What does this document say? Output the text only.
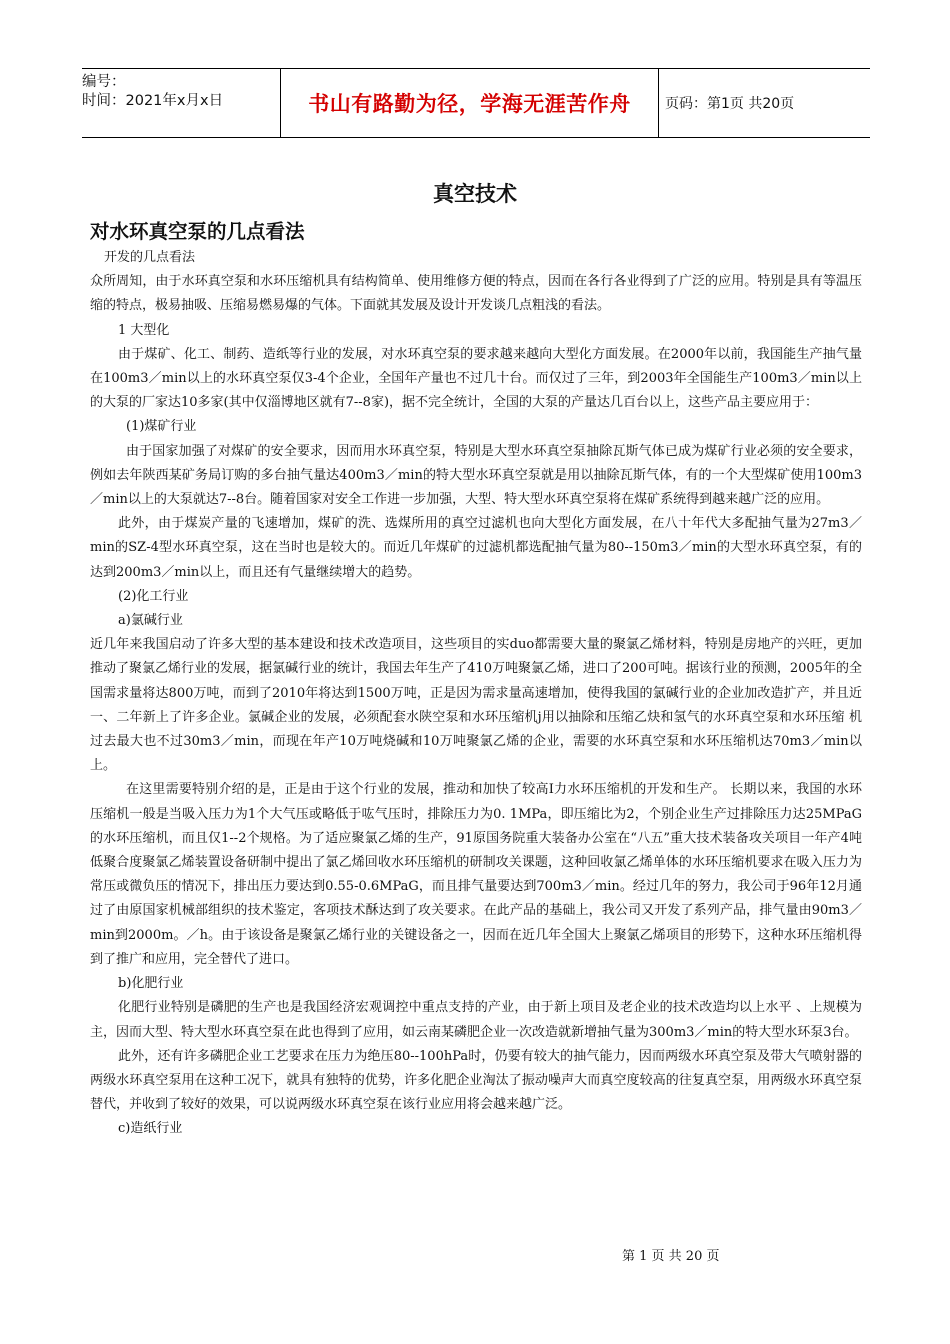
编号：
时间：2021年x月x日	书山有路勤为径，学海无涯苦作舟	页码：第1页 共20页
真空技术
对水环真空泵的几点看法

开发的几点看法

众所周知，由于水环真空泵和水环压缩机具有结构简单、使用维修方便的特点，因而在各行各业得到了广泛的应用。特别是具有等温压缩的特点，极易抽吸、压缩易燃易爆的气体。下面就其发展及设计开发谈几点粗浅的看法。

1 大型化

由于煤矿、化工、制药、造纸等行业的发展，对水环真空泵的要求越来越向大型化方面发展。在2000年以前，我国能生产抽气量在100m3／min以上的水环真空泵仅3-4个企业，全国年产量也不过几十台。而仅过了三年，到2003年全国能生产100m3／min以上的大泵的厂家达10多家(其中仅淄博地区就有7--8家)，据不完全统计，全国的大泵的产量达几百台以上，这些产品主要应用于：

(1)煤矿行业

由于国家加强了对煤矿的安全要求，因而用水环真空泵，特别是大型水环真空泵抽除瓦斯气体已成为煤矿行业必须的安全要求，例如去年陕西某矿务局订购的多台抽气量达400m3／min的特大型水环真空泵就是用以抽除瓦斯气体，有的一个大型煤矿使用100m3／min以上的大泵就达7--8台。随着国家对安全工作进一步加强，大型、特大型水环真空泵将在煤矿系统得到越来越广泛的应用。

此外，由于煤炭产量的飞速增加，煤矿的洗、选煤所用的真空过滤机也向大型化方面发展，在八十年代大多配抽气量为27m3／min的SZ-4型水环真空泵，这在当时也是较大的。而近几年煤矿的过滤机都选配抽气量为80--150m3／min的大型水环真空泵，有的达到200m3／min以上，而且还有气量继续增大的趋势。

(2)化工行业

a)氯碱行业

近几年来我国启动了许多大型的基本建设和技术改造项目，这些项目的实duo都需要大量的聚氯乙烯材料，特别是房地产的兴旺，更加推动了聚氯乙烯行业的发展，据氯碱行业的统计，我国去年生产了410万吨聚氯乙烯，进口了200可吨。据该行业的预测，2005年的全国需求量将达800万吨，而到了2010年将达到1500万吨，正是因为需求量高速增加，使得我国的氯碱行业的企业加改造扩产，并且近一、二年新上了许多企业。氯碱企业的发展，必须配套水陕空泵和水环压缩机j用以抽除和压缩乙炔和氢气的水环真空泵和水环压缩 机过去最大也不过30m3／min，而现在年产10万吨烧碱和10万吨聚氯乙烯的企业，需要的水环真空泵和水环压缩机达70m3／min以上。

在这里需要特别介绍的是，正是由于这个行业的发展，推动和加快了较高Ⅰ力水环压缩机的开发和生产。 长期以来，我国的水环压缩机一般是当吸入压力为1个大气压或略低于吰气压时，排除压力为0. 1MPa，即压缩比为2，个别企业生产过排除压力达25MPaG的水环压缩机，而且仅1--2个规格。为了适应聚氯乙烯的生产，91原国务院重大装备办公室在“八五”重大技术装备攻关项目一年产4吨低聚合度聚氯乙烯装置设备研制中提出了氯乙烯回收水环压缩机的研制攻关课题，这种回收氯乙烯单体的水环压缩机要求在吸入压力为常压或微负压的情况下，排出压力要达到0.55-0.6MPaG，而且排气量要达到700m3／min。经过几年的努力，我公司于96年12月通过了由原国家机械部组织的技术鉴定，客项技术酥达到了攻关要求。在此产品的基础上，我公司又开发了系列产品，排气量由90m3／min到2000m。／h。由于该设备是聚氯乙烯行业的关键设备之一，因而在近几年全国大上聚氯乙烯项目的形势下，这种水环压缩机得到了推广和应用，完全替代了进口。

b)化肥行业

化肥行业特别是磷肥的生产也是我国经济宏观调控中重点支持的产业，由于新上项目及老企业的技术改造均以上水平 、上规模为主，因而大型、特大型水环真空泵在此也得到了应用，如云南某磷肥企业一次改造就新增抽气量为300m3／min的特大型水环泵3台。

此外，还有许多磷肥企业工艺要求在压力为绝压80--100hPa时，仍要有较大的抽气能力，因而两级水环真空泵及带大气喷射器的两级水环真空泵用在这种工况下，就具有独特的优势，许多化肥企业淘汰了振动噪声大而真空度较高的往复真空泵，用两级水环真空泵替代，并收到了较好的效果，可以说两级水环真空泵在该行业应用将会越来越广泛。

c)造纸行业

第 1 页 共 20 页
